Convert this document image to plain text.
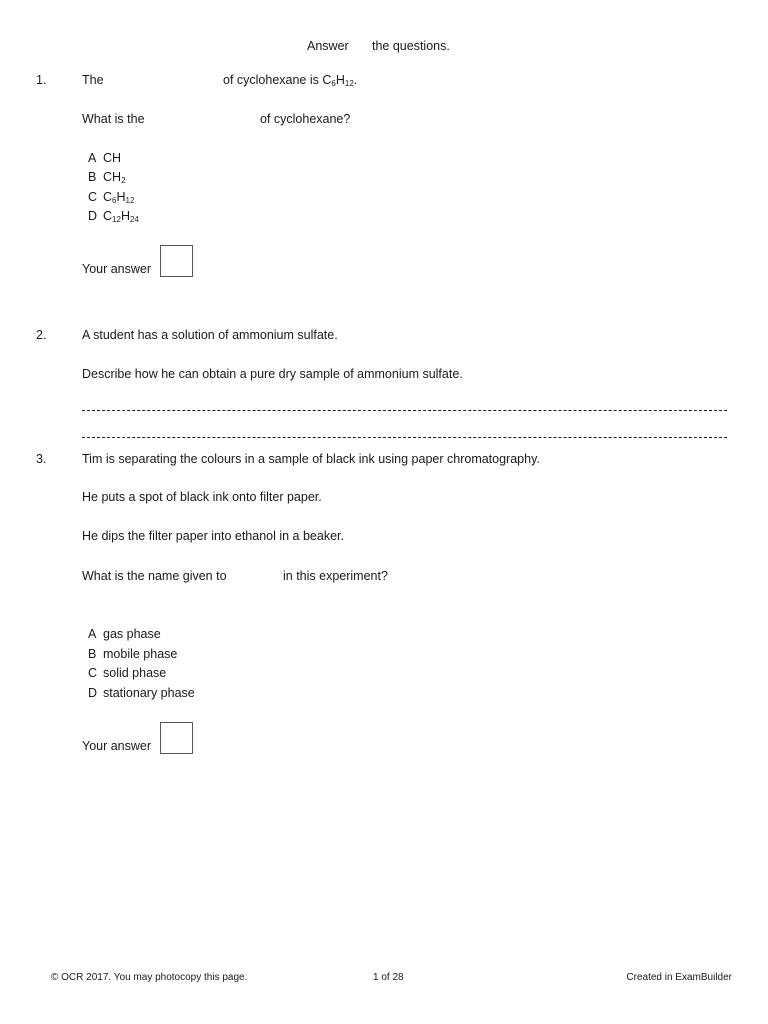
Answer the questions.
1.	The	of cyclohexane is $C_6H_{12}$.
What is the	of cyclohexane?
A CH
B $CH_2$
C $C_6H_{12}$
D $C_{12}H_{24}$
Your answer
2.	A student has a solution of ammonium sulfate.
Describe how he can obtain a pure dry sample of ammonium sulfate.
3.	Tim is separating the colours in a sample of black ink using paper chromatography.
He puts a spot of black ink onto filter paper.
He dips the filter paper into ethanol in a beaker.
What is the name given to	in this experiment?
A gas phase
B mobile phase
C solid phase
D stationary phase
Your answer
© OCR 2017. You may photocopy this page.	1 of 28	Created in ExamBuilder
